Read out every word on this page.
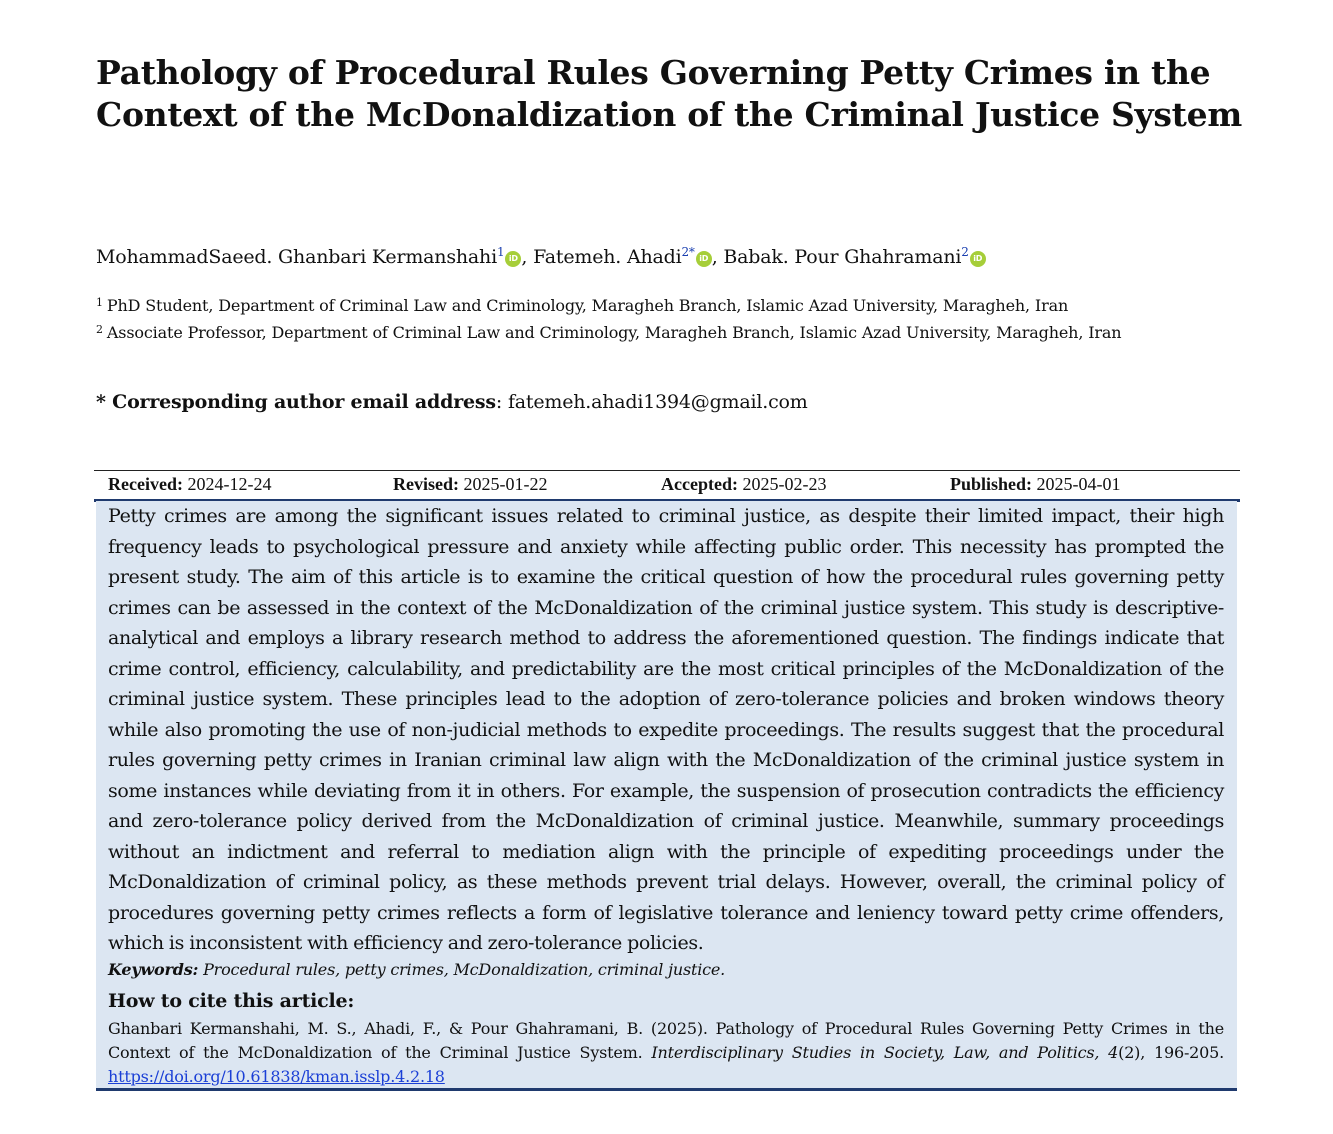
Pathology of Procedural Rules Governing Petty Crimes in the Context of the McDonaldization of the Criminal Justice System
MohammadSaeed. Ghanbari Kermanshahi$^1$ iD , Fatemeh. Ahadi$^{2*}$ iD , Babak. Pour Ghahramani$^2$ iD
$^1$ PhD Student, Department of Criminal Law and Criminology, Maragheh Branch, Islamic Azad University, Maragheh, Iran
$^2$ Associate Professor, Department of Criminal Law and Criminology, Maragheh Branch, Islamic Azad University, Maragheh, Iran
* Corresponding author email address: fatemeh.ahadi1394@gmail.com
Received: 2024-12-24	Revised: 2025-01-22	Accepted: 2025-02-23	Published: 2025-04-01

Petty crimes are among the significant issues related to criminal justice, as despite their limited impact, their high frequency leads to psychological pressure and anxiety while affecting public order. This necessity has prompted the present study. The aim of this article is to examine the critical question of how the procedural rules governing petty crimes can be assessed in the context of the McDonaldization of the criminal justice system. This study is descriptive-analytical and employs a library research method to address the aforementioned question. The findings indicate that crime control, efficiency, calculability, and predictability are the most critical principles of the McDonaldization of the criminal justice system. These principles lead to the adoption of zero-tolerance policies and broken windows theory while also promoting the use of non-judicial methods to expedite proceedings. The results suggest that the procedural rules governing petty crimes in Iranian criminal law align with the McDonaldization of the criminal justice system in some instances while deviating from it in others. For example, the suspension of prosecution contradicts the efficiency and zero-tolerance policy derived from the McDonaldization of criminal justice. Meanwhile, summary proceedings without an indictment and referral to mediation align with the principle of expediting proceedings under the McDonaldization of criminal policy, as these methods prevent trial delays. However, overall, the criminal policy of procedures governing petty crimes reflects a form of legislative tolerance and leniency toward petty crime offenders, which is inconsistent with efficiency and zero-tolerance policies.

Keywords: Procedural rules, petty crimes, McDonaldization, criminal justice.
How to cite this article:

Ghanbari Kermanshahi, M. S., Ahadi, F., & Pour Ghahramani, B. (2025). Pathology of Procedural Rules Governing Petty Crimes in the Context of the McDonaldization of the Criminal Justice System. Interdisciplinary Studies in Society, Law, and Politics, 4(2), 196-205. https://doi.org/10.61838/kman.isslp.4.2.18
